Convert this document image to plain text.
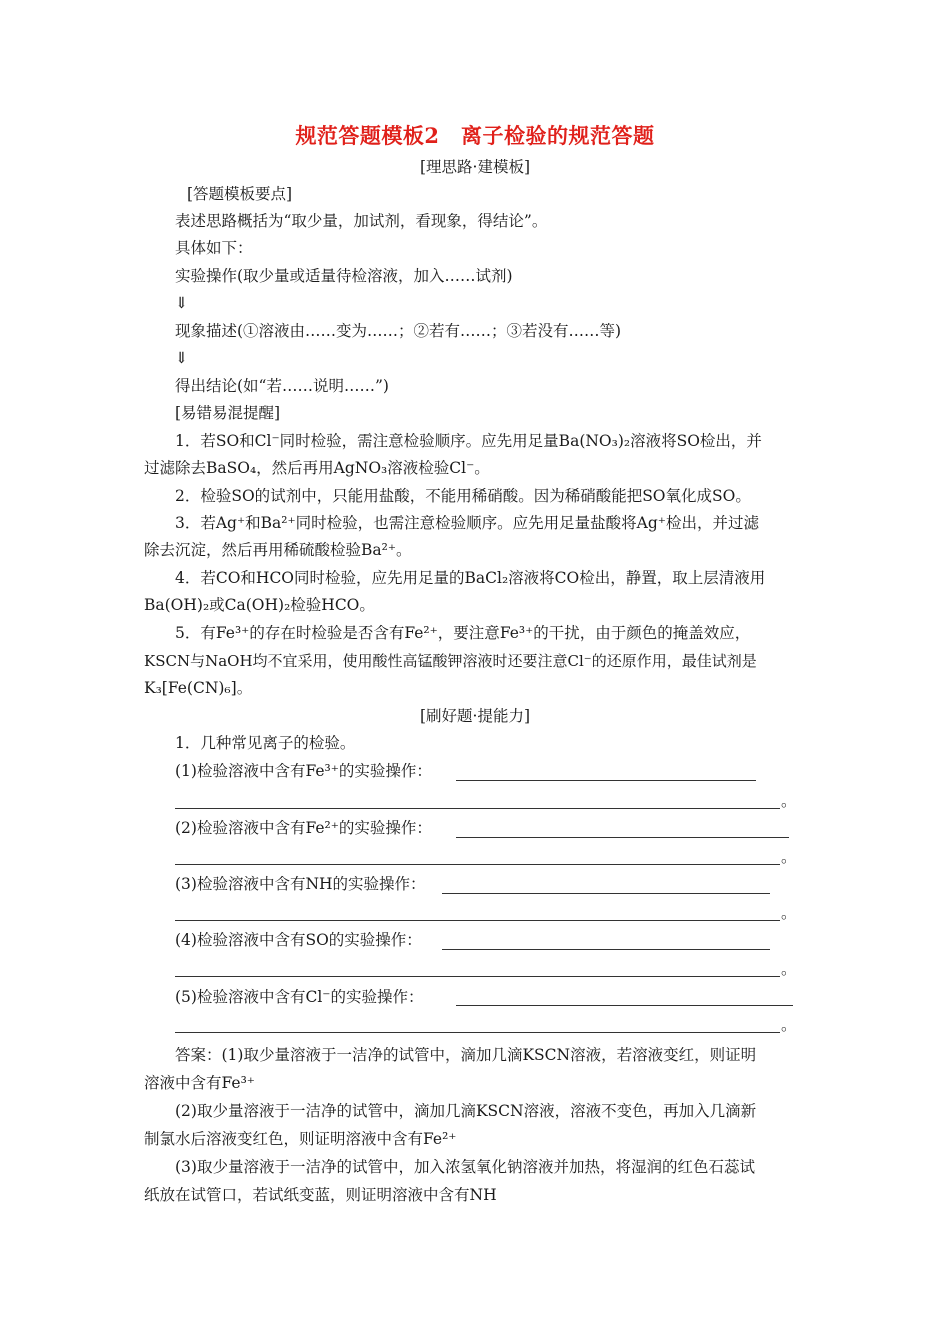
规范答题模板2　离子检验的规范答题
[理思路·建模板]
[答题模板要点]
表述思路概括为“取少量，加试剂，看现象，得结论”。
具体如下：
实验操作(取少量或适量待检溶液，加入……试剂)
⇓
现象描述(①溶液由……变为……；②若有……；③若没有……等)
⇓
得出结论(如“若……说明……”)
[易错易混提醒]
1．若SO和Cl⁻同时检验，需注意检验顺序。应先用足量Ba(NO₃)₂溶液将SO检出，并
过滤除去BaSO₄，然后再用AgNO₃溶液检验Cl⁻。
2．检验SO的试剂中，只能用盐酸，不能用稀硝酸。因为稀硝酸能把SO氧化成SO。
3．若Ag⁺和Ba²⁺同时检验，也需注意检验顺序。应先用足量盐酸将Ag⁺检出，并过滤
除去沉淀，然后再用稀硫酸检验Ba²⁺。
4．若CO和HCO同时检验，应先用足量的BaCl₂溶液将CO检出，静置，取上层清液用
Ba(OH)₂或Ca(OH)₂检验HCO。
5．有Fe³⁺的存在时检验是否含有Fe²⁺，要注意Fe³⁺的干扰，由于颜色的掩盖效应，
KSCN与NaOH均不宜采用，使用酸性高锰酸钾溶液时还要注意Cl⁻的还原作用，最佳试剂是
K₃[Fe(CN)₆]。
[刷好题·提能力]
1．几种常见离子的检验。
(1)检验溶液中含有Fe³⁺的实验操作：
。
(2)检验溶液中含有Fe²⁺的实验操作：
。
(3)检验溶液中含有NH的实验操作：
。
(4)检验溶液中含有SO的实验操作：
。
(5)检验溶液中含有Cl⁻的实验操作：
。
答案：(1)取少量溶液于一洁净的试管中，滴加几滴KSCN溶液，若溶液变红，则证明
溶液中含有Fe³⁺
(2)取少量溶液于一洁净的试管中，滴加几滴KSCN溶液，溶液不变色，再加入几滴新
制氯水后溶液变红色，则证明溶液中含有Fe²⁺
(3)取少量溶液于一洁净的试管中，加入浓氢氧化钠溶液并加热，将湿润的红色石蕊试
纸放在试管口，若试纸变蓝，则证明溶液中含有NH
